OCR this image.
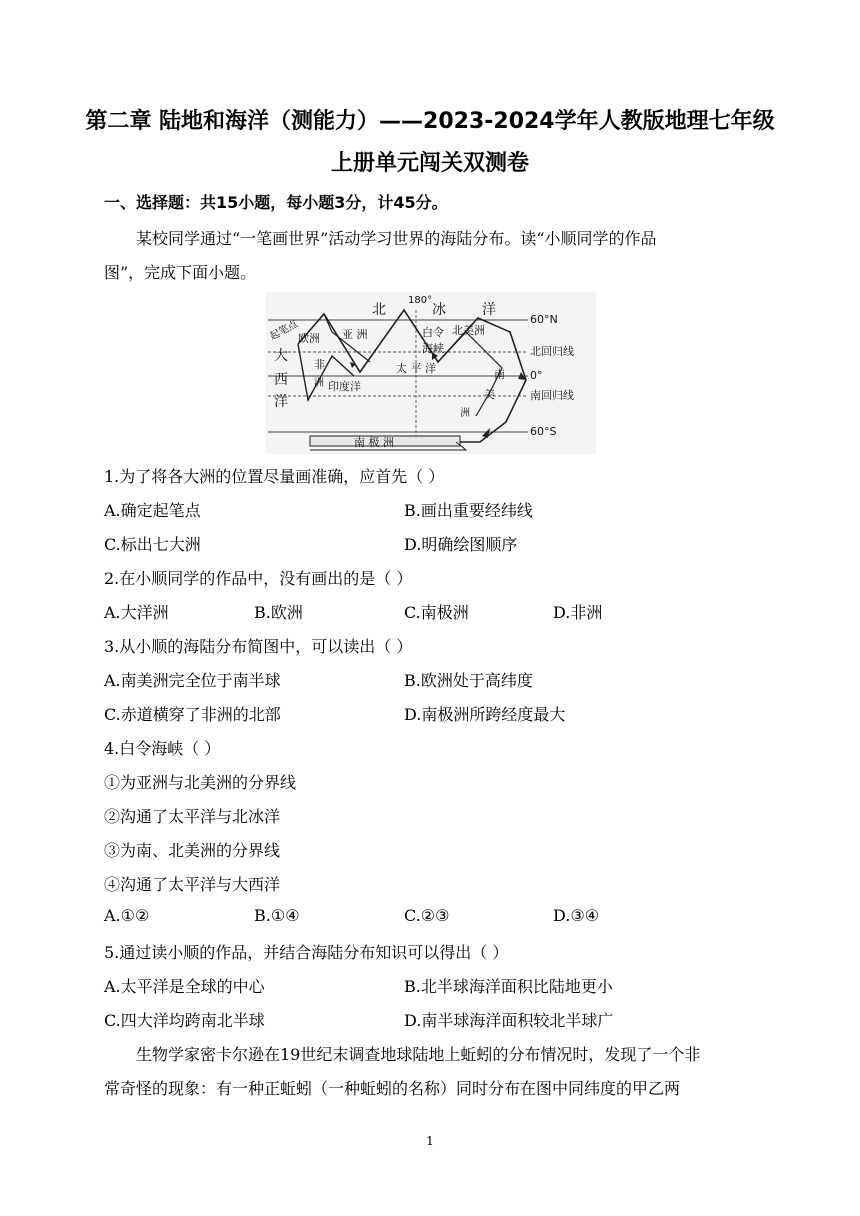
第二章 陆地和海洋（测能力）——2023-2024学年人教版地理七年级
上册单元闯关双测卷
一、选择题：共15小题，每小题3分，计45分。
某校同学通过“一笔画世界”活动学习世界的海陆分布。读“小顺同学的作品
图”，完成下面小题。
180°
60°N
北回归线
0°
南回归线
60°S
起笔点
北	冰	洋
亚 洲
欧洲	白令
海峡
北美洲
大
非
西	洲
洋
印度洋
太 平 洋	南
美
洲
南 极 洲
1.为了将各大洲的位置尽量画准确，应首先（ ）
A.确定起笔点	B.画出重要经纬线
C.标出七大洲	D.明确绘图顺序
2.在小顺同学的作品中，没有画出的是（ ）
A.大洋洲	B.欧洲	C.南极洲	D.非洲
3.从小顺的海陆分布简图中，可以读出（ ）
A.南美洲完全位于南半球	B.欧洲处于高纬度
C.赤道横穿了非洲的北部	D.南极洲所跨经度最大
4.白令海峡（ ）
①为亚洲与北美洲的分界线
②沟通了太平洋与北冰洋
③为南、北美洲的分界线
④沟通了太平洋与大西洋
A.①②	B.①④	C.②③	D.③④
5.通过读小顺的作品，并结合海陆分布知识可以得出（ ）
A.太平洋是全球的中心	B.北半球海洋面积比陆地更小
C.四大洋均跨南北半球	D.南半球海洋面积较北半球广
生物学家密卡尔逊在19世纪末调查地球陆地上蚯蚓的分布情况时，发现了一个非
常奇怪的现象：有一种正蚯蚓（一种蚯蚓的名称）同时分布在图中同纬度的甲乙两
1
